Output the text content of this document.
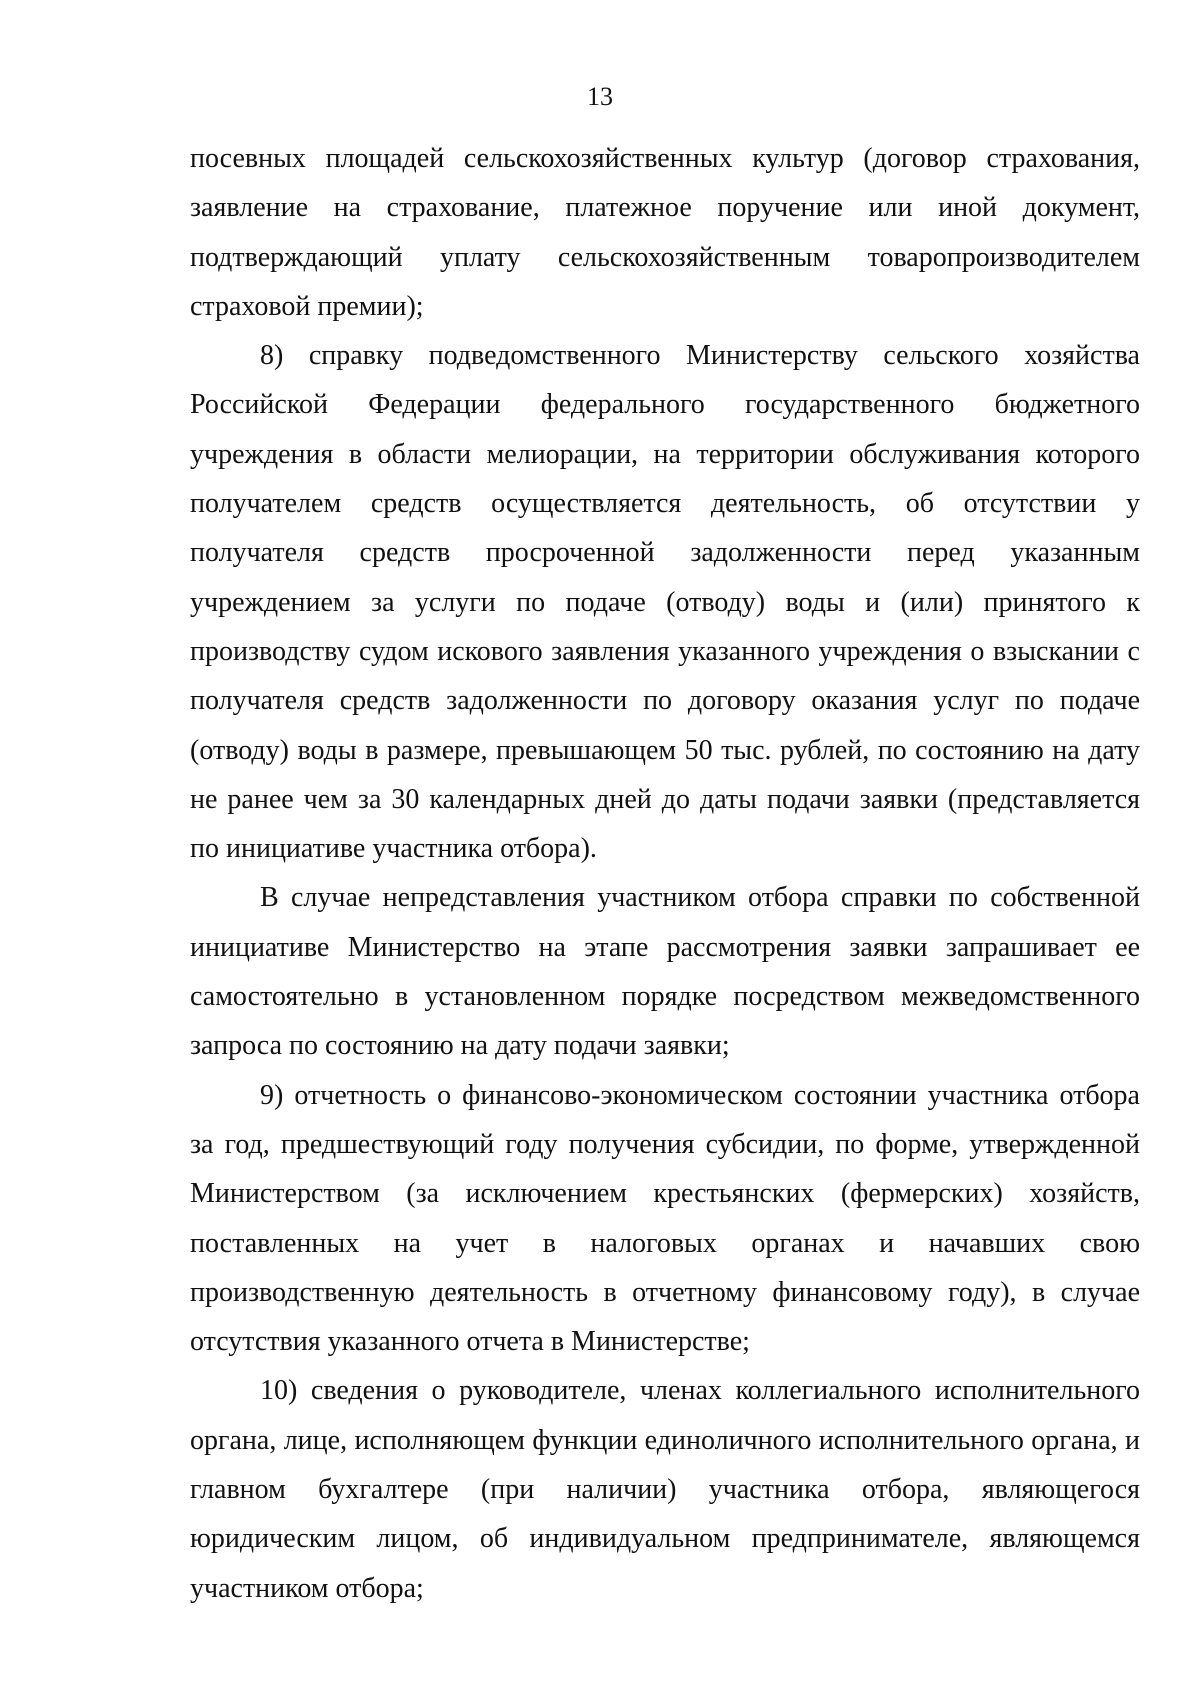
13

посевных площадей сельскохозяйственных культур (договор страхования, заявление на страхование, платежное поручение или иной документ, подтверждающий уплату сельскохозяйственным товаропроизводителем страховой премии);

8) справку подведомственного Министерству сельского хозяйства Российской Федерации федерального государственного бюджетного учреждения в области мелиорации, на территории обслуживания которого получателем средств осуществляется деятельность, об отсутствии у получателя средств просроченной задолженности перед указанным учреждением за услуги по подаче (отводу) воды и (или) принятого к производству судом искового заявления указанного учреждения о взыскании с получателя средств задолженности по договору оказания услуг по подаче (отводу) воды в размере, превышающем 50 тыс. рублей, по состоянию на дату не ранее чем за 30 календарных дней до даты подачи заявки (представляется по инициативе участника отбора).

В случае непредставления участником отбора справки по собственной инициативе Министерство на этапе рассмотрения заявки запрашивает ее самостоятельно в установленном порядке посредством межведомственного запроса по состоянию на дату подачи заявки;

9) отчетность о финансово-экономическом состоянии участника отбора за год, предшествующий году получения субсидии, по форме, утвержденной Министерством (за исключением крестьянских (фермерских) хозяйств, поставленных на учет в налоговых органах и начавших свою производственную деятельность в отчетному финансовому году), в случае отсутствия указанного отчета в Министерстве;

10) сведения о руководителе, членах коллегиального исполнительного органа, лице, исполняющем функции единоличного исполнительного органа, и главном бухгалтере (при наличии) участника отбора, являющегося юридическим лицом, об индивидуальном предпринимателе, являющемся участником отбора;
